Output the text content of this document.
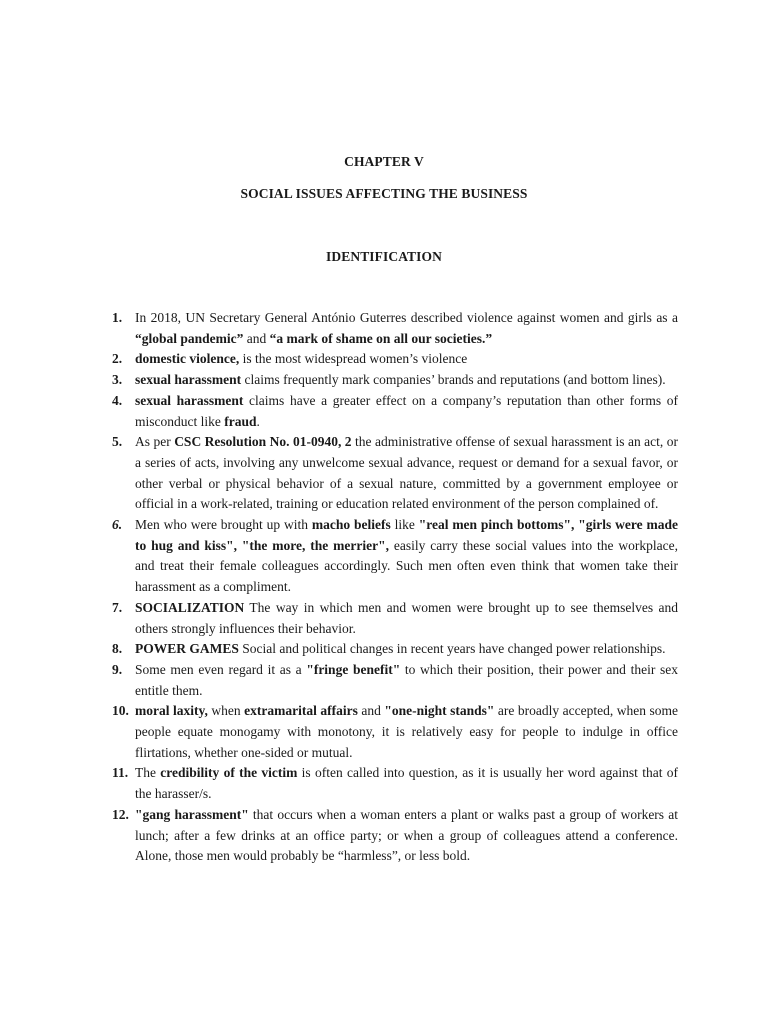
CHAPTER V
SOCIAL ISSUES AFFECTING THE BUSINESS
IDENTIFICATION
1. In 2018, UN Secretary General António Guterres described violence against women and girls as a “global pandemic” and “a mark of shame on all our societies.”
2. domestic violence, is the most widespread women’s violence
3. sexual harassment claims frequently mark companies’ brands and reputations (and bottom lines).
4. sexual harassment claims have a greater effect on a company’s reputation than other forms of misconduct like fraud.
5. As per CSC Resolution No. 01-0940, 2 the administrative offense of sexual harassment is an act, or a series of acts, involving any unwelcome sexual advance, request or demand for a sexual favor, or other verbal or physical behavior of a sexual nature, committed by a government employee or official in a work-related, training or education related environment of the person complained of.
6. Men who were brought up with macho beliefs like "real men pinch bottoms", "girls were made to hug and kiss", "the more, the merrier", easily carry these social values into the workplace, and treat their female colleagues accordingly. Such men often even think that women take their harassment as a compliment.
7. SOCIALIZATION The way in which men and women were brought up to see themselves and others strongly influences their behavior.
8. POWER GAMES Social and political changes in recent years have changed power relationships.
9. Some men even regard it as a "fringe benefit" to which their position, their power and their sex entitle them.
10. moral laxity, when extramarital affairs and "one-night stands" are broadly accepted, when some people equate monogamy with monotony, it is relatively easy for people to indulge in office flirtations, whether one-sided or mutual.
11. The credibility of the victim is often called into question, as it is usually her word against that of the harasser/s.
12. "gang harassment" that occurs when a woman enters a plant or walks past a group of workers at lunch; after a few drinks at an office party; or when a group of colleagues attend a conference. Alone, those men would probably be “harmless”, or less bold.
